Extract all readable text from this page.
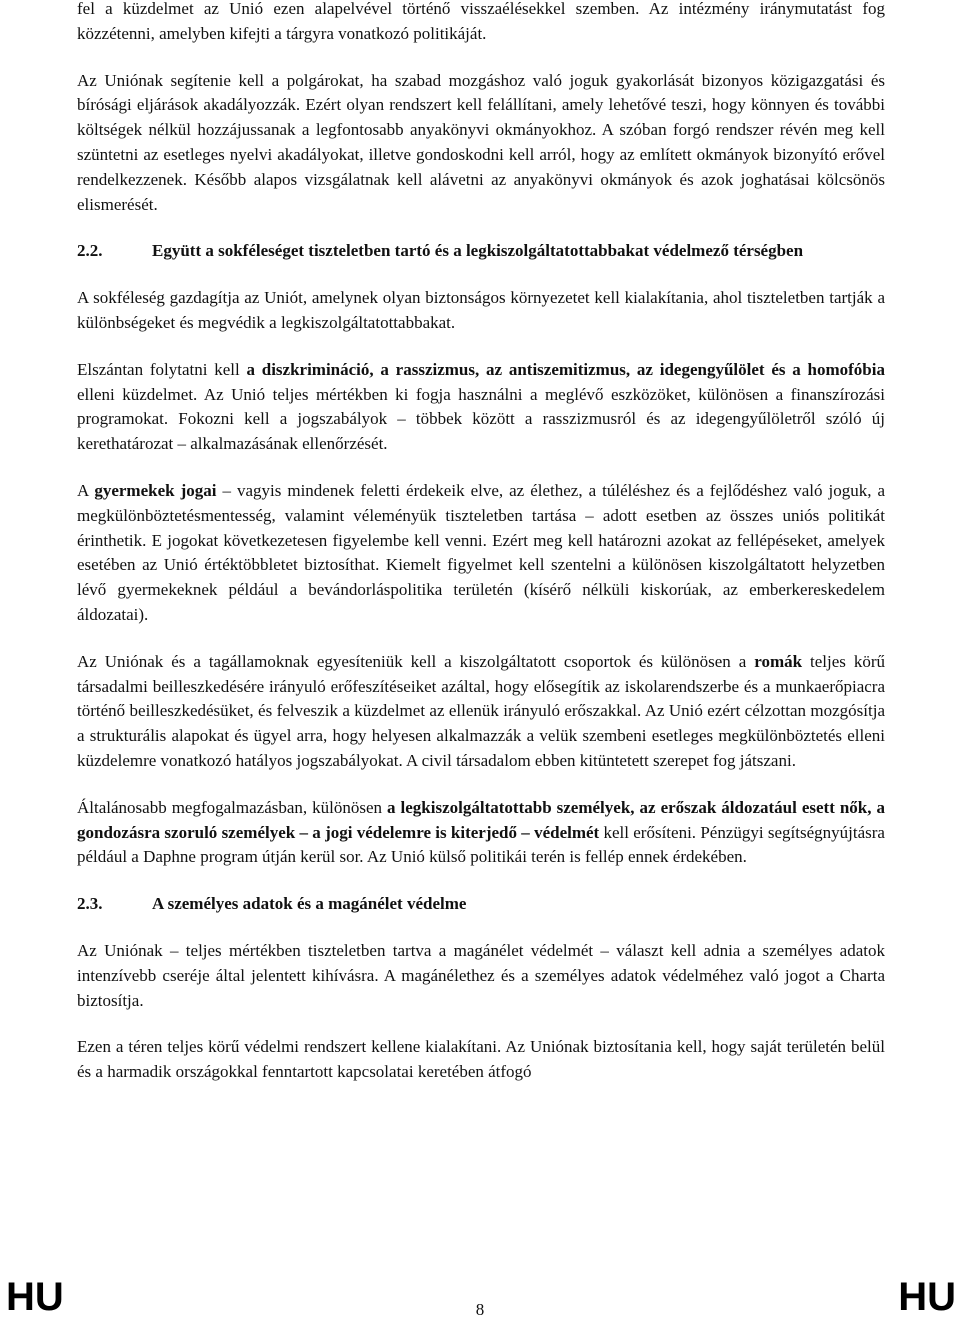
fel a küzdelmet az Unió ezen alapelvével történő visszaélésekkel szemben. Az intézmény iránymutatást fog közzétenni, amelyben kifejti a tárgyra vonatkozó politikáját.

Az Uniónak segítenie kell a polgárokat, ha szabad mozgáshoz való joguk gyakorlását bizonyos közigazgatási és bírósági eljárások akadályozzák. Ezért olyan rendszert kell felállítani, amely lehetővé teszi, hogy könnyen és további költségek nélkül hozzájussanak a legfontosabb anyakönyvi okmányokhoz. A szóban forgó rendszer révén meg kell szüntetni az esetleges nyelvi akadályokat, illetve gondoskodni kell arról, hogy az említett okmányok bizonyító erővel rendelkezzenek. Később alapos vizsgálatnak kell alávetni az anyakönyvi okmányok és azok joghatásai kölcsönös elismerését.

2.2.	Együtt a sokféleséget tiszteletben tartó és a legkiszolgáltatottabbakat védelmező térségben

A sokféleség gazdagítja az Uniót, amelynek olyan biztonságos környezetet kell kialakítania, ahol tiszteletben tartják a különbségeket és megvédik a legkiszolgáltatottabbakat.

Elszántan folytatni kell a diszkrimináció, a rasszizmus, az antiszemitizmus, az idegengyűlölet és a homofóbia elleni küzdelmet. Az Unió teljes mértékben ki fogja használni a meglévő eszközöket, különösen a finanszírozási programokat. Fokozni kell a jogszabályok – többek között a rasszizmusról és az idegengyűlöletről szóló új kerethatározat – alkalmazásának ellenőrzését.

A gyermekek jogai – vagyis mindenek feletti érdekeik elve, az élethez, a túléléshez és a fejlődéshez való joguk, a megkülönböztetésmentesség, valamint véleményük tiszteletben tartása – adott esetben az összes uniós politikát érinthetik. E jogokat következetesen figyelembe kell venni. Ezért meg kell határozni azokat az fellépéseket, amelyek esetében az Unió értéktöbbletet biztosíthat. Kiemelt figyelmet kell szentelni a különösen kiszolgáltatott helyzetben lévő gyermekeknek például a bevándorláspolitika területén (kísérő nélküli kiskorúak, az emberkereskedelem áldozatai).

Az Uniónak és a tagállamoknak egyesíteniük kell a kiszolgáltatott csoportok és különösen a romák teljes körű társadalmi beilleszkedésére irányuló erőfeszítéseiket azáltal, hogy elősegítik az iskolarendszerbe és a munkaerőpiacra történő beilleszkedésüket, és felveszik a küzdelmet az ellenük irányuló erőszakkal. Az Unió ezért célzottan mozgósítja a strukturális alapokat és ügyel arra, hogy helyesen alkalmazzák a velük szembeni esetleges megkülönböztetés elleni küzdelemre vonatkozó hatályos jogszabályokat. A civil társadalom ebben kitüntetett szerepet fog játszani.

Általánosabb megfogalmazásban, különösen a legkiszolgáltatottabb személyek, az erőszak áldozatául esett nők, a gondozásra szoruló személyek – a jogi védelemre is kiterjedő – védelmét kell erősíteni. Pénzügyi segítségnyújtásra például a Daphne program útján kerül sor. Az Unió külső politikái terén is fellép ennek érdekében.

2.3.	A személyes adatok és a magánélet védelme

Az Uniónak – teljes mértékben tiszteletben tartva a magánélet védelmét – választ kell adnia a személyes adatok intenzívebb cseréje által jelentett kihívásra. A magánélethez és a személyes adatok védelméhez való jogot a Charta biztosítja.

Ezen a téren teljes körű védelmi rendszert kellene kialakítani. Az Uniónak biztosítania kell, hogy saját területén belül és a harmadik országokkal fenntartott kapcsolatai keretében átfogó

HU	8	HU
